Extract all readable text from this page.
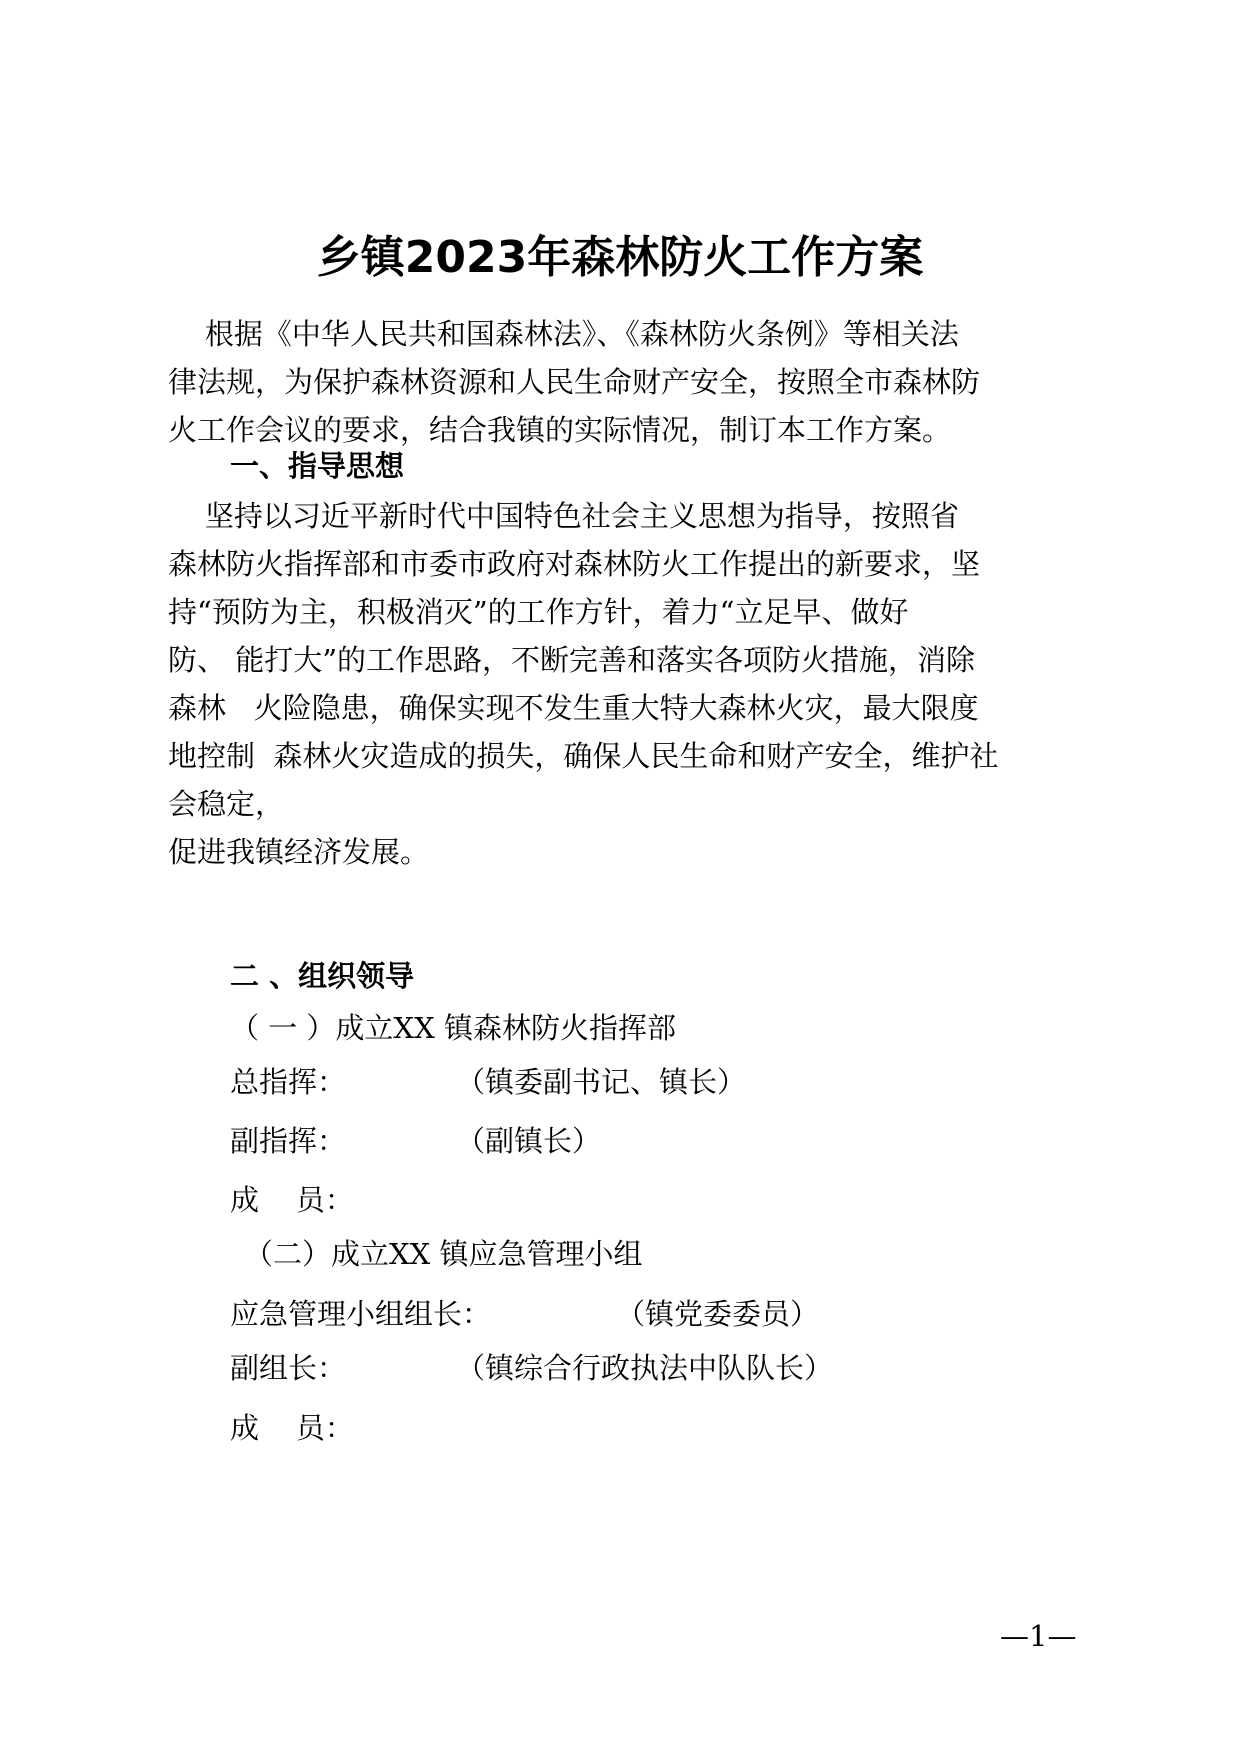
乡镇2023年森林防火工作方案
根据《中华人民共和国森林法》、《森林防火条例》等相关法
律法规，为保护森林资源和人民生命财产安全，按照全市森林防
火工作会议的要求，结合我镇的实际情况，制订本工作方案。
一、指导思想
坚持以习近平新时代中国特色社会主义思想为指导，按照省
森林防火指挥部和市委市政府对森林防火工作提出的新要求，坚
持“预防为主，积极消灭”的工作方针，着力“立足早、做好
防、 能打大”的工作思路，不断完善和落实各项防火措施，消除
森林   火险隐患，确保实现不发生重大特大森林火灾，最大限度
地控制  森林火灾造成的损失，确保人民生命和财产安全，维护社
会稳定，
促进我镇经济发展。
二 、组织领导
（ 一 ）成立XX 镇森林防火指挥部
总指挥：	（镇委副书记、镇长）
副指挥：	（副镇长）
成    员：
（二）成立XX 镇应急管理小组
应急管理小组组长：	（镇党委委员）
副组长：	（镇综合行政执法中队队长）
成    员：
—1—
